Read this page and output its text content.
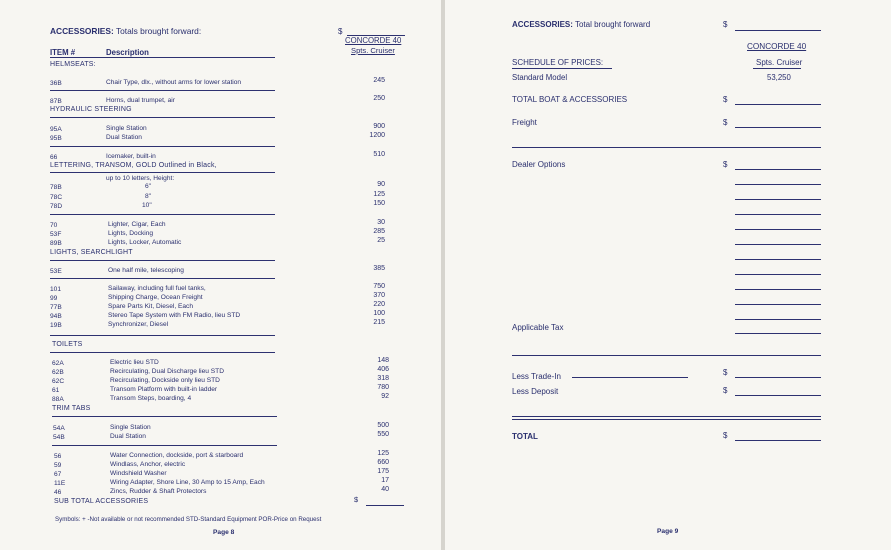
ACCESSORIES: Totals brought forward:	$
CONCORDE 40
Spts. Cruiser
ITEM #	Description
HELMSEATS:
36B	Chair Type, dlx., without arms for lower station	245
87B	Horns, dual trumpet, air	250
HYDRAULIC STEERING
95A	Single Station	900
95B	Dual Station	1200
66	Icemaker, built-in	510
LETTERING, TRANSOM, GOLD Outlined in Black,
up to 10 letters, Height:
78B	6"	90
78C	8"	125
78D	10"	150
70	Lighter, Cigar, Each	30
53F	Lights, Docking	285
89B	Lights, Locker, Automatic	25
LIGHTS, SEARCHLIGHT
53E	One half mile, telescoping	385
101	Sailaway, including full fuel tanks,	750
99	Shipping Charge, Ocean Freight	370
77B	Spare Parts Kit, Diesel, Each	220
94B	Stereo Tape System with FM Radio, lieu STD	100
19B	Synchronizer, Diesel	215
TOILETS
62A	Electric lieu STD	148
62B	Recirculating, Dual Discharge lieu STD	406
62C	Recirculating, Dockside only lieu STD	318
61	Transom Platform with built-in ladder	780
88A	Transom Steps, boarding, 4	92
TRIM TABS
54A	Single Station	500
54B	Dual Station	550
56	Water Connection, dockside, port & starboard	125
59	Windlass, Anchor, electric	660
67	Windshield Washer	175
11E	Wiring Adapter, Shore Line, 30 Amp to 15 Amp, Each	17
46	Zincs, Rudder & Shaft Protectors	40
SUB TOTAL ACCESSORIES	$
Symbols: + -Not available or not recommended STD-Standard Equipment POR-Price on Request
Page 8
ACCESSORIES: Total brought forward	$
CONCORDE 40
SCHEDULE OF PRICES:	Spts. Cruiser
Standard Model	53,250
TOTAL BOAT & ACCESSORIES	$
Freight	$
Dealer Options	$
Applicable Tax
Less Trade-In	$
Less Deposit	$
TOTAL	$
Page 9
